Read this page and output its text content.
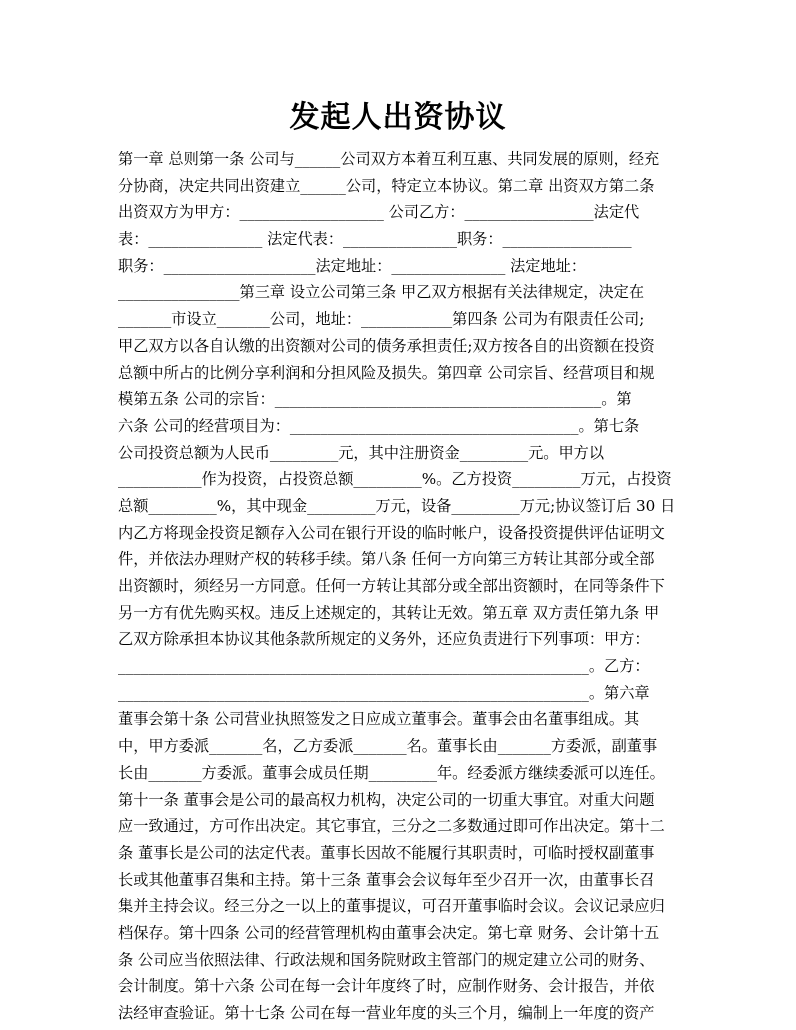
发起人出资协议
第一章 总则第一条 公司与______公司双方本着互利互惠、共同发展的原则，经充
分协商，决定共同出资建立______公司，特定立本协议。第二章 出资双方第二条
出资双方为甲方：___________________ 公司乙方：_________________法定代
表：_______________ 法定代表：_______________职务：_________________
职务：____________________法定地址：_______________ 法定地址：
________________第三章 设立公司第三条 甲乙双方根据有关法律规定，决定在
_______市设立_______公司，地址：____________第四条 公司为有限责任公司;
甲乙双方以各自认缴的出资额对公司的债务承担责任;双方按各自的出资额在投资
总额中所占的比例分享利润和分担风险及损失。第四章 公司宗旨、经营项目和规
模第五条 公司的宗旨：___________________________________________。第
六条 公司的经营项目为：______________________________________。第七条
公司投资总额为人民币_________元，其中注册资金_________元。甲方以
___________作为投资，占投资总额_________%。乙方投资_________万元，占投资
总额_________%，其中现金_________万元，设备_________万元;协议签订后 30 日
内乙方将现金投资足额存入公司在银行开设的临时帐户，设备投资提供评估证明文
件，并依法办理财产权的转移手续。第八条 任何一方向第三方转让其部分或全部
出资额时，须经另一方同意。任何一方转让其部分或全部出资额时，在同等条件下
另一方有优先购买权。违反上述规定的，其转让无效。第五章 双方责任第九条 甲
乙双方除承担本协议其他条款所规定的义务外，还应负责进行下列事项：甲方：
______________________________________________________________。乙方：
______________________________________________________________。第六章
董事会第十条 公司营业执照签发之日应成立董事会。董事会由名董事组成。其
中，甲方委派_______名，乙方委派_______名。董事长由_______方委派，副董事
长由_______方委派。董事会成员任期_________年。经委派方继续委派可以连任。
第十一条 董事会是公司的最高权力机构，决定公司的一切重大事宜。对重大问题
应一致通过，方可作出决定。其它事宜，三分之二多数通过即可作出决定。第十二
条 董事长是公司的法定代表。董事长因故不能履行其职责时，可临时授权副董事
长或其他董事召集和主持。第十三条 董事会会议每年至少召开一次，由董事长召
集并主持会议。经三分之一以上的董事提议，可召开董事临时会议。会议记录应归
档保存。第十四条 公司的经营管理机构由董事会决定。第七章 财务、会计第十五
条 公司应当依照法律、行政法规和国务院财政主管部门的规定建立公司的财务、
会计制度。第十六条 公司在每一会计年度终了时，应制作财务、会计报告，并依
法经审查验证。第十七条 公司在每一营业年度的头三个月，编制上一年度的资产
